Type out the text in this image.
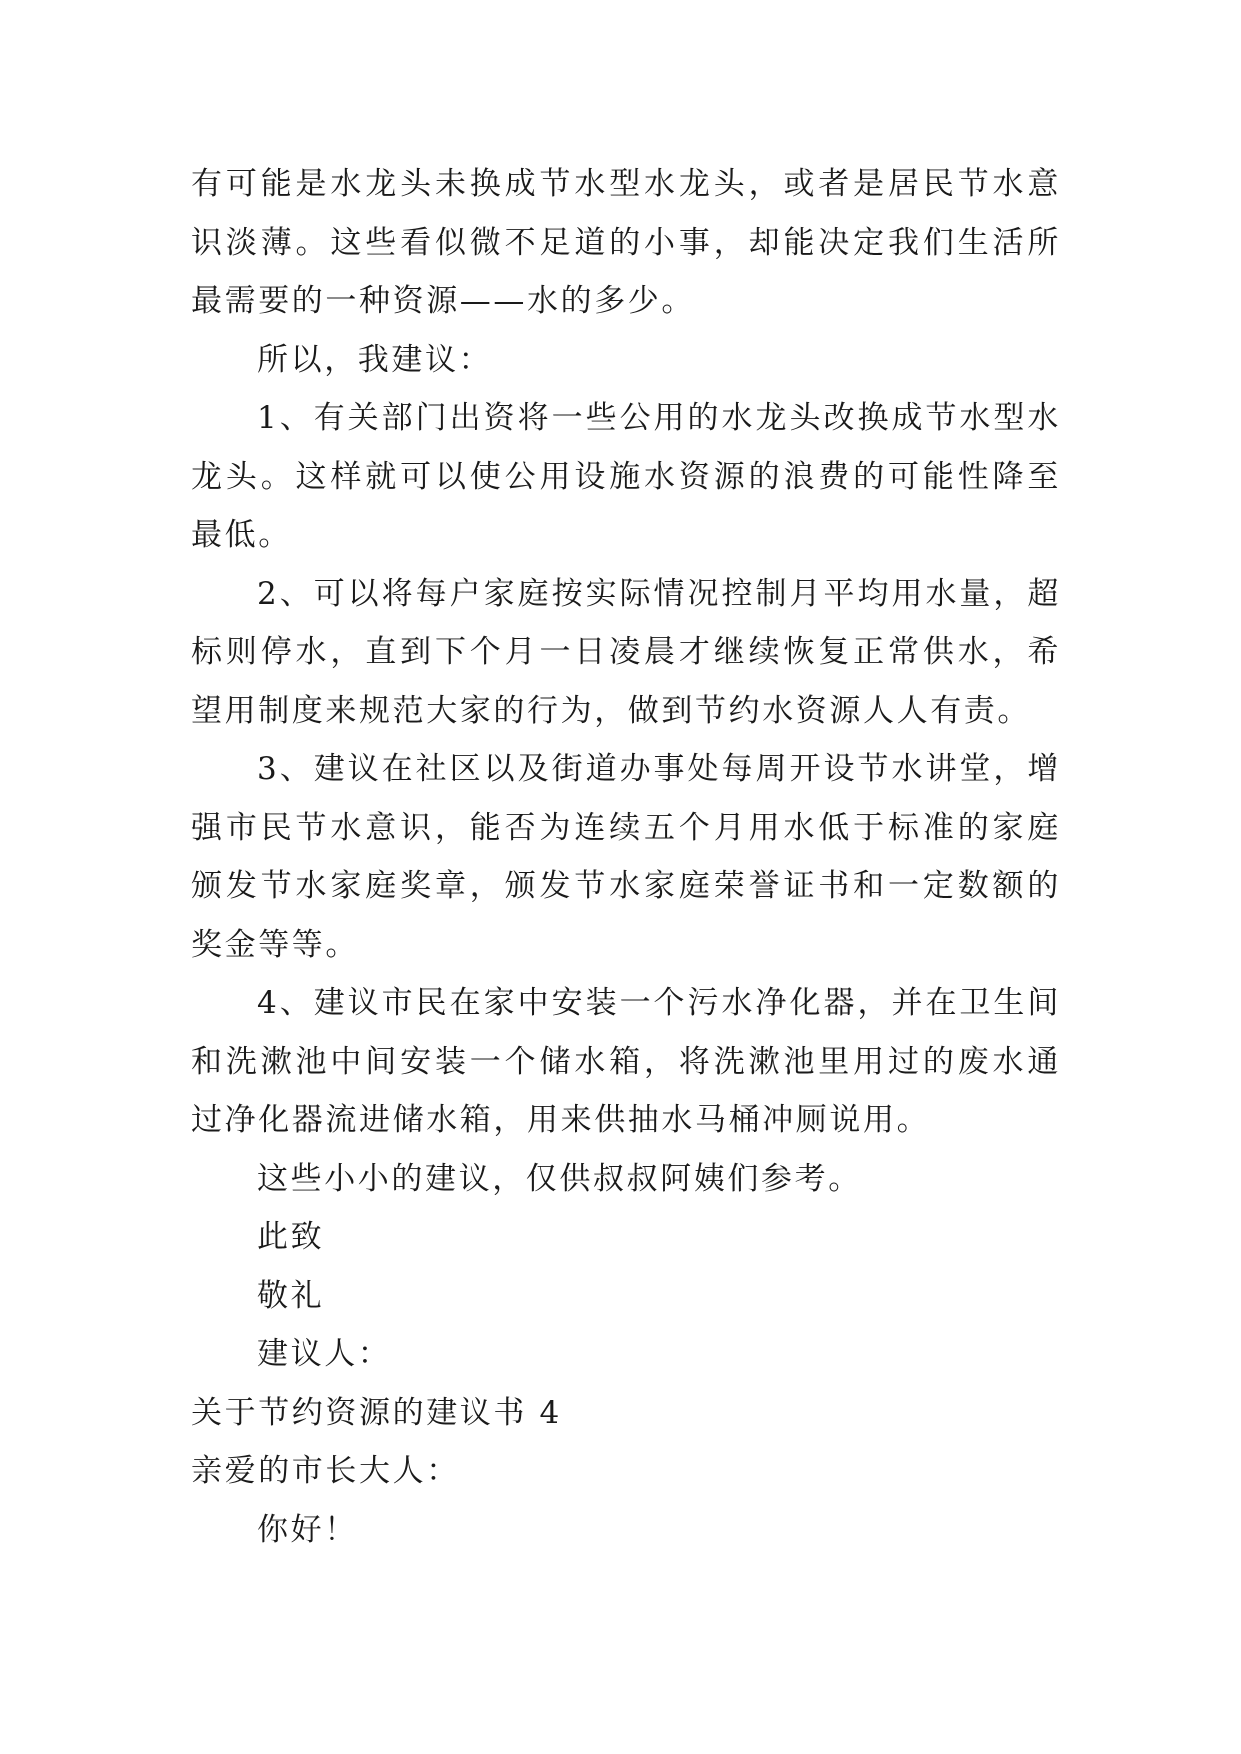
有可能是水龙头未换成节水型水龙头，或者是居民节水意识淡薄。这些看似微不足道的小事，却能决定我们生活所最需要的一种资源——水的多少。

所以，我建议：

1、有关部门出资将一些公用的水龙头改换成节水型水龙头。这样就可以使公用设施水资源的浪费的可能性降至最低。

2、可以将每户家庭按实际情况控制月平均用水量，超标则停水，直到下个月一日凌晨才继续恢复正常供水，希望用制度来规范大家的行为，做到节约水资源人人有责。

3、建议在社区以及街道办事处每周开设节水讲堂，增强市民节水意识，能否为连续五个月用水低于标准的家庭颁发节水家庭奖章，颁发节水家庭荣誉证书和一定数额的奖金等等。

4、建议市民在家中安装一个污水净化器，并在卫生间和洗漱池中间安装一个储水箱，将洗漱池里用过的废水通过净化器流进储水箱，用来供抽水马桶冲厕说用。

这些小小的建议，仅供叔叔阿姨们参考。

此致

敬礼

建议人：

关于节约资源的建议书 4

亲爱的市长大人：

你好！
